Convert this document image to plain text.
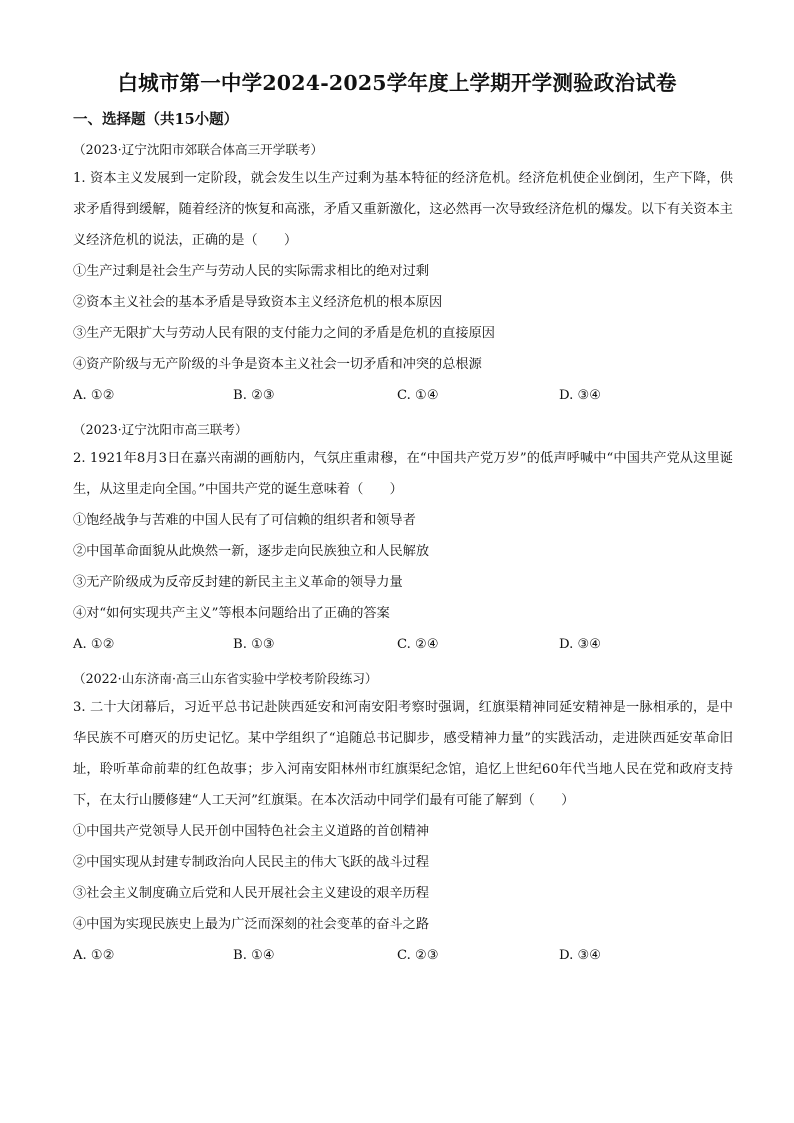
白城市第一中学2024-2025学年度上学期开学测验政治试卷
一、选择题（共15小题）
（2023·辽宁沈阳市郊联合体高三开学联考）
1. 资本主义发展到一定阶段，就会发生以生产过剩为基本特征的经济危机。经济危机使企业倒闭，生产下降，供求矛盾得到缓解，随着经济的恢复和高涨，矛盾又重新激化，这必然再一次导致经济危机的爆发。以下有关资本主义经济危机的说法，正确的是（　　）
①生产过剩是社会生产与劳动人民的实际需求相比的绝对过剩
②资本主义社会的基本矛盾是导致资本主义经济危机的根本原因
③生产无限扩大与劳动人民有限的支付能力之间的矛盾是危机的直接原因
④资产阶级与无产阶级的斗争是资本主义社会一切矛盾和冲突的总根源
A. ①②	B. ②③	C. ①④	D. ③④
（2023·辽宁沈阳市高三联考）
2. 1921年8月3日在嘉兴南湖的画舫内，气氛庄重肃穆，在“中国共产党万岁”的低声呼喊中“中国共产党从这里诞生，从这里走向全国。”中国共产党的诞生意味着（　　）
①饱经战争与苦难的中国人民有了可信赖的组织者和领导者
②中国革命面貌从此焕然一新，逐步走向民族独立和人民解放
③无产阶级成为反帝反封建的新民主主义革命的领导力量
④对“如何实现共产主义”等根本问题给出了正确的答案
A. ①②	B. ①③	C. ②④	D. ③④
（2022·山东济南·高三山东省实验中学校考阶段练习）
3. 二十大闭幕后，习近平总书记赴陕西延安和河南安阳考察时强调，红旗渠精神同延安精神是一脉相承的，是中华民族不可磨灭的历史记忆。某中学组织了“追随总书记脚步，感受精神力量”的实践活动，走进陕西延安革命旧址，聆听革命前辈的红色故事；步入河南安阳林州市红旗渠纪念馆，追忆上世纪60年代当地人民在党和政府支持下，在太行山腰修建“人工天河”红旗渠。在本次活动中同学们最有可能了解到（　　）
①中国共产党领导人民开创中国特色社会主义道路的首创精神
②中国实现从封建专制政治向人民民主的伟大飞跃的战斗过程
③社会主义制度确立后党和人民开展社会主义建设的艰辛历程
④中国为实现民族史上最为广泛而深刻的社会变革的奋斗之路
A. ①②	B. ①④	C. ②③	D. ③④
